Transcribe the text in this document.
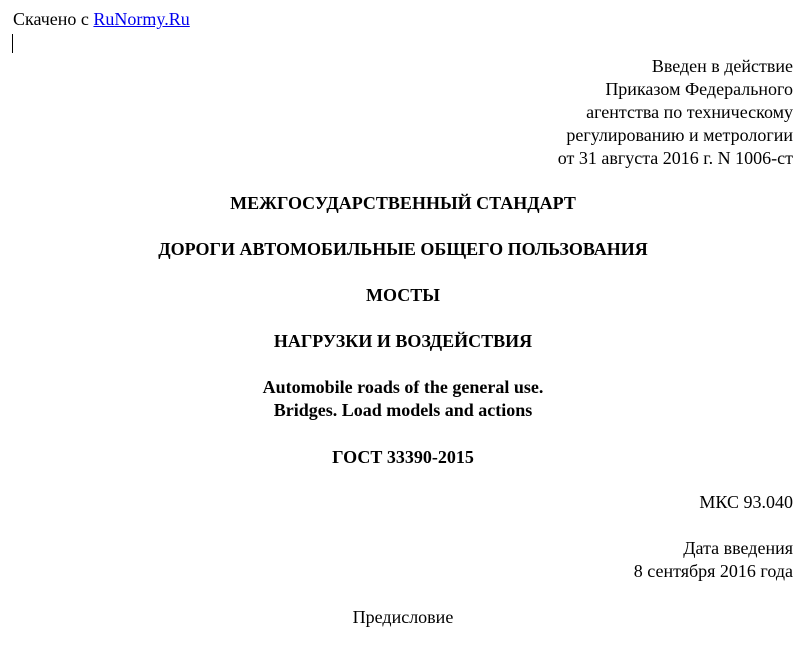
Скачено с RuNormy.Ru
Введен в действие
Приказом Федерального
агентства по техническому
регулированию и метрологии
от 31 августа 2016 г. N 1006-ст
МЕЖГОСУДАРСТВЕННЫЙ СТАНДАРТ
ДОРОГИ АВТОМОБИЛЬНЫЕ ОБЩЕГО ПОЛЬЗОВАНИЯ
МОСТЫ
НАГРУЗКИ И ВОЗДЕЙСТВИЯ
Automobile roads of the general use.
Bridges. Load models and actions
ГОСТ 33390-2015
МКС 93.040
Дата введения
8 сентября 2016 года
Предисловие
